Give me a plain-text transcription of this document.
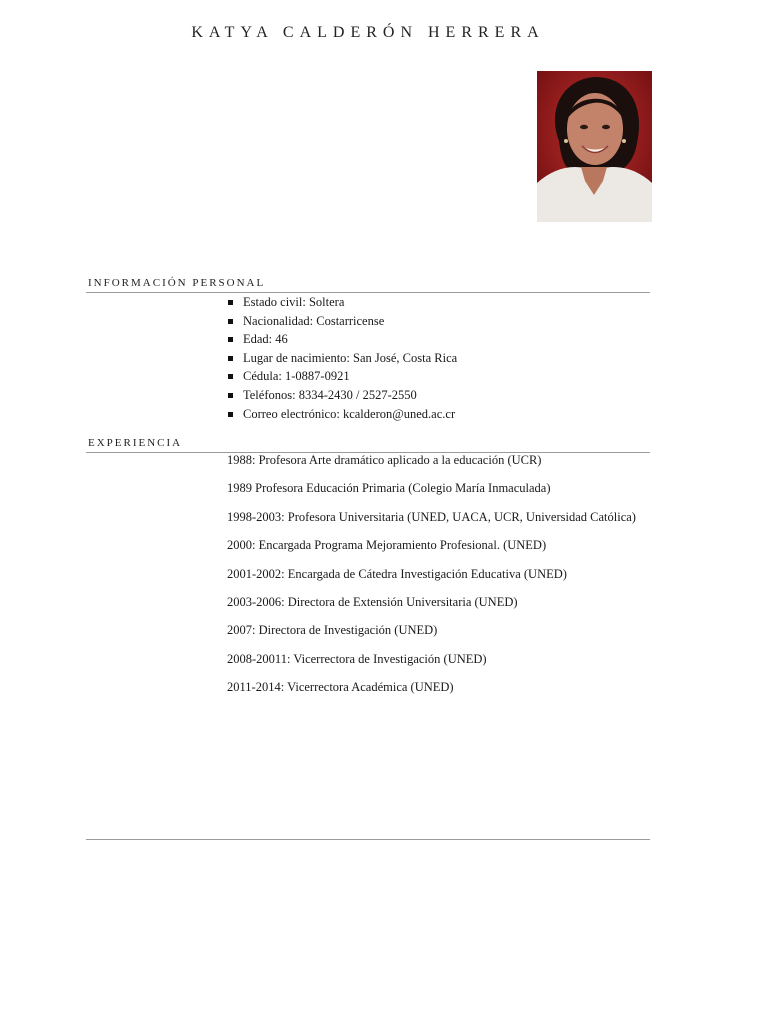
KATYA CALDERÓN HERRERA
INFORMACIÓN PERSONAL
Estado civil: Soltera
Nacionalidad: Costarricense
Edad: 46
Lugar de nacimiento: San José, Costa Rica
Cédula: 1-0887-0921
Teléfonos: 8334-2430 / 2527-2550
Correo electrónico: kcalderon@uned.ac.cr
EXPERIENCIA

1988: Profesora Arte dramático aplicado a la educación (UCR)

1989 Profesora Educación Primaria (Colegio María Inmaculada)

1998-2003: Profesora Universitaria (UNED, UACA, UCR, Universidad Católica)

2000: Encargada Programa Mejoramiento Profesional. (UNED)

2001-2002: Encargada de Cátedra Investigación Educativa (UNED)

2003-2006: Directora de Extensión Universitaria (UNED)

2007: Directora de Investigación (UNED)

2008-20011: Vicerrectora de Investigación (UNED)

2011-2014: Vicerrectora Académica (UNED)
